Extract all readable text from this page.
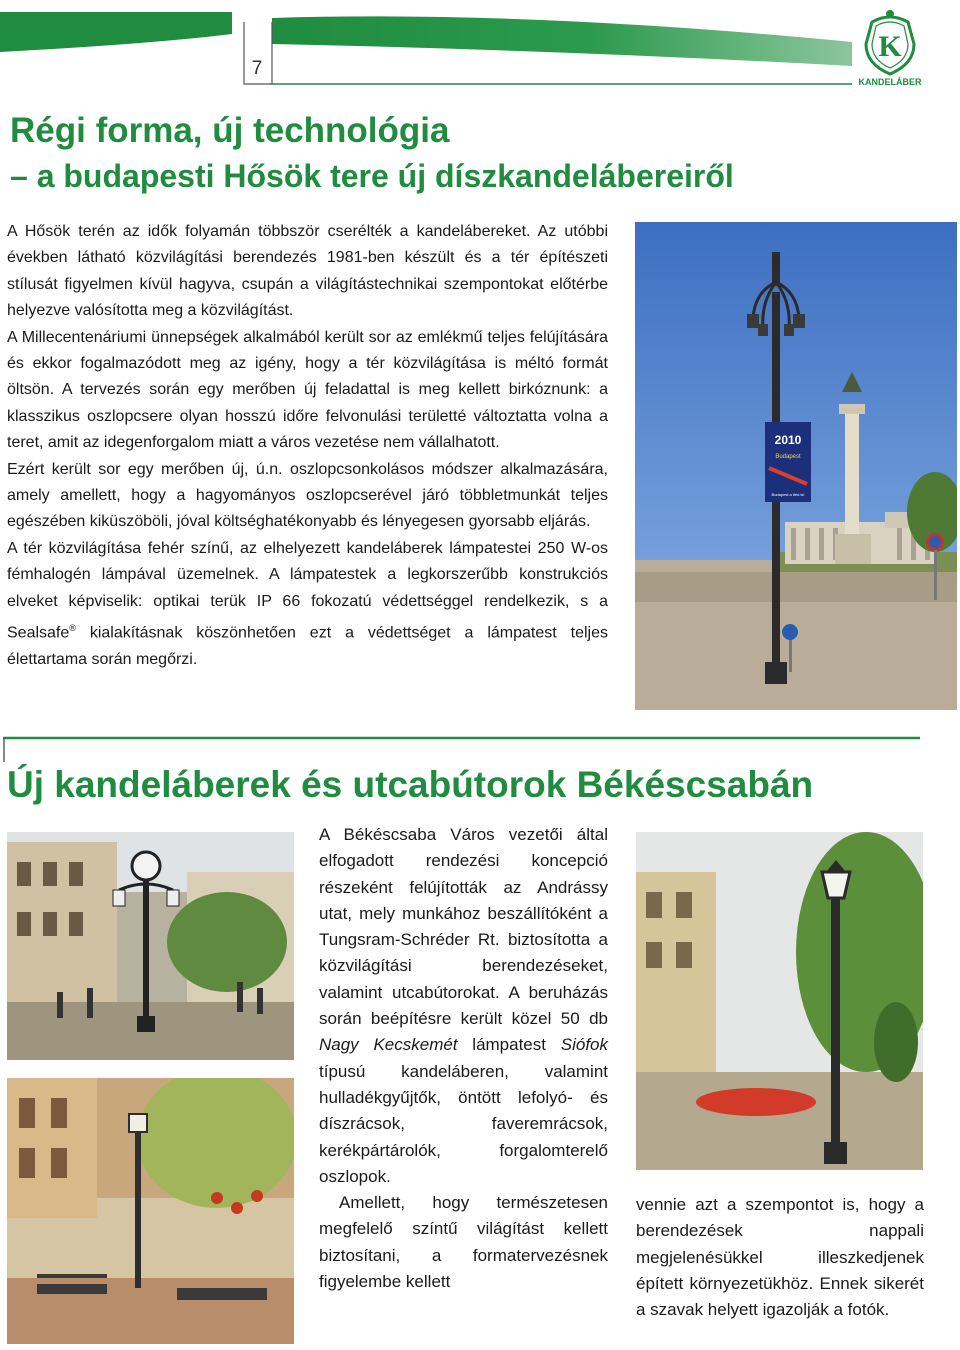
7
K
KANDELÁBER
Régi forma, új technológia
– a budapesti Hősök tere új díszkandelábereiről

A Hősök terén az idők folyamán többször cserélték a kandelábereket. Az utóbbi években látható közvilágítási berendezés 1981-ben készült és a tér építészeti stílusát figyelmen kívül hagyva, csupán a világítástechnikai szempontokat előtérbe helyezve valósította meg a közvilágítást.

A Millecentenáriumi ünnepségek alkalmából került sor az emlékmű teljes felújítására és ekkor fogalmazódott meg az igény, hogy a tér közvilágítása is méltó formát öltsön. A tervezés során egy merőben új feladattal is meg kellett birkóznunk: a klasszikus oszlopcsere olyan hosszú időre felvonulási területté változtatta volna a teret, amit az idegenforgalom miatt a város vezetése nem vállalhatott.

Ezért került sor egy merőben új, ú.n. oszlopcsonkolásos módszer alkalmazására, amely amellett, hogy a hagyományos oszlopcserével járó többletmunkát teljes egészében kiküszöböli, jóval költséghatékonyabb és lényegesen gyorsabb eljárás.

A tér közvilágítása fehér színű, az elhelyezett kandeláberek lámpatestei 250 W-os fémhalogén lámpával üzemelnek. A lámpatestek a legkorszerűbb konstrukciós elveket képviselik: optikai terük IP 66 fokozatú védettséggel rendelkezik, s a Sealsafe® kialakításnak köszönhetően ezt a védettséget a lámpatest teljes élettartama során megőrzi.

2010
Budapest
Budapest a tiéd is!
Új kandeláberek és utcabútorok Békéscsabán

A Békéscsaba Város vezetői által elfogadott rendezési koncepció részeként felújították az Andrássy utat, mely munkához beszállítóként a Tungsram-Schréder Rt. biztosította a közvilágítási berendezéseket, valamint utcabútorokat. A beruházás során beépítésre került közel 50 db Nagy Kecskemét lámpatest Siófok típusú kandeláberen, valamint hulladékgyűjtők, öntött lefolyó- és díszrácsok, faveremrácsok, kerékpártárolók, forgalomterelő oszlopok.

Amellett, hogy természetesen megfelelő színtű világítást kellett biztosítani, a formatervezésnek figyelembe kellett

vennie azt a szempontot is, hogy a berendezések nappali megjelenésükkel illeszkedjenek épített környezetükhöz. Ennek sikerét a szavak helyett igazolják a fotók.
